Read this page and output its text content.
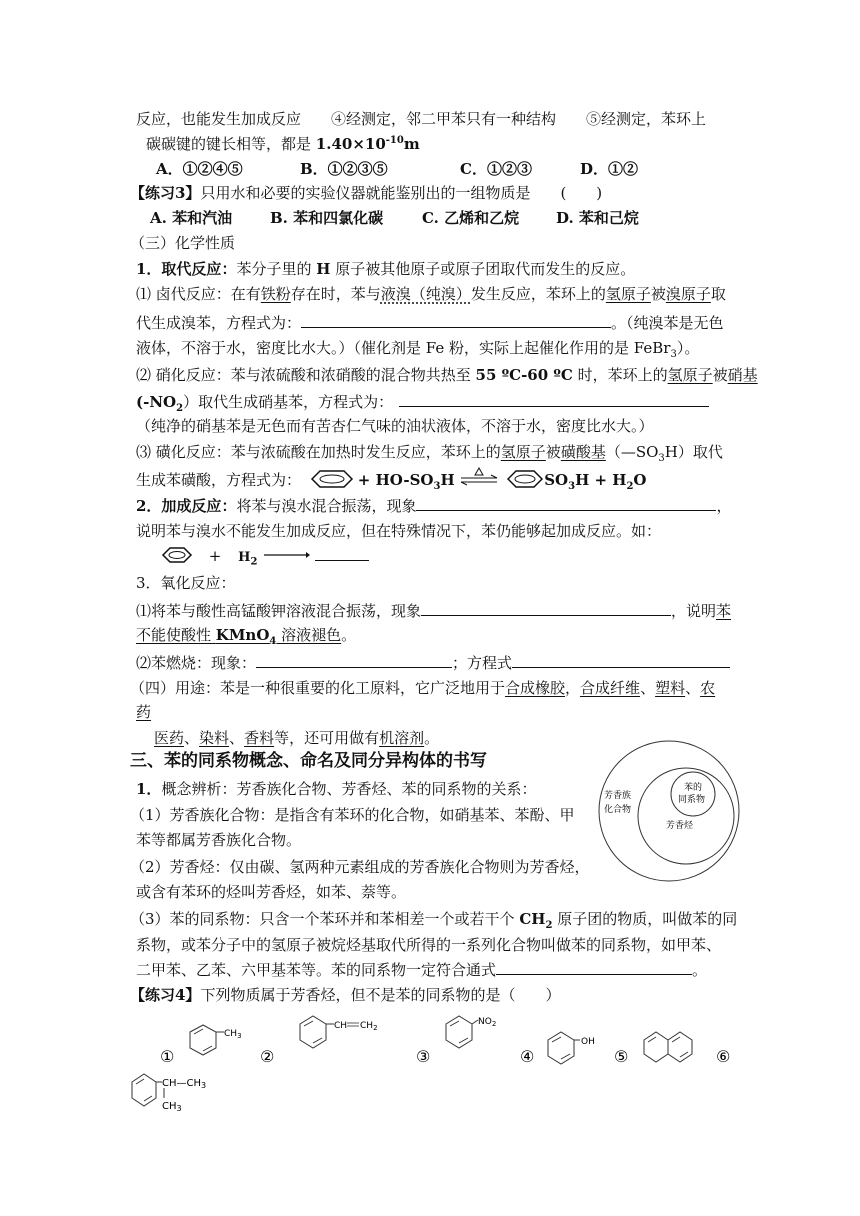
反应，也能发生加成反应　　④经测定，邻二甲苯只有一种结构　　⑤经测定，苯环上
碳碳键的键长相等，都是 $1.40\times 10^{-10}m$
A．①②④⑤	B．①②③⑤	C．①②③	D．①②
【练习3】只用水和必要的实验仪器就能鉴别出的一组物质是　　(　　)
A. 苯和汽油	B. 苯和四氯化碳	C. 乙烯和乙烷 D. 苯和己烷
（三）化学性质
1．取代反应：苯分子里的 H 原子被其他原子或原子团取代而发生的反应。
⑴ 卤代反应：在有铁粉存在时，苯与液溴（纯溴）发生反应，苯环上的氢原子被溴原子取
代生成溴苯，方程式为：	。（纯溴苯是无色
液体，不溶于水，密度比水大。）（催化剂是 Fe 粉，实际上起催化作用的是 FeBr$_3$）。
⑵ 硝化反应：苯与浓硫酸和浓硝酸的混合物共热至 55 ºC-60 ºC 时，苯环上的氢原子被硝基
$(-NO_2)$取代生成硝基苯，方程式为：
（纯净的硝基苯是无色而有苦杏仁气味的油状液体，不溶于水，密度比水大。）
⑶ 磺化反应：苯与浓硫酸在加热时发生反应，苯环上的氢原子被磺酸基$(—SO_3H)$取代
生成苯磺酸，方程式为：	+ $HO-SO_3H$	$SO_3H + H_2O$
2．加成反应：将苯与溴水混合振荡，现象	，
说明苯与溴水不能发生加成反应，但在特殊情况下，苯仍能够起加成反应。如：
+ $H_2$
3．氧化反应：
⑴将苯与酸性高锰酸钾溶液混合振荡，现象	，说明苯
不能使酸性 KMnO$_4$ 溶液褪色。
⑵苯燃烧：现象：	；方程式
（四）用途：苯是一种很重要的化工原料，它广泛地用于合成橡胶，合成纤维、塑料、农
药
医药、染料、香料等，还可用做有机溶剂。
三、苯的同系物概念、命名及同分异构体的书写
1．概念辨析：芳香族化合物、芳香烃、苯的同系物的关系：
（1）芳香族化合物：是指含有苯环的化合物，如硝基苯、苯酚、甲
苯等都属芳香族化合物。
（2）芳香烃：仅由碳、氢两种元素组成的芳香族化合物则为芳香烃，
或含有苯环的烃叫芳香烃，如苯、萘等。
（3）苯的同系物：只含一个苯环并和苯相差一个或若干个 $CH_2$ 原子团的物质，叫做苯的同
系物，或苯分子中的氢原子被烷烃基取代所得的一系列化合物叫做苯的同系物，如甲苯、
二甲苯、乙苯、六甲基苯等。苯的同系物一定符合通式	。
芳香族
化合物
芳香烃
苯的
同系物
【练习4】下列物质属于芳香烃，但不是苯的同系物的是（　　）
$CH_3$
①
CH $CH_2$
②
$NO_2$
③
OH
④	⑤	⑥
$CH—CH_3$
$CH_3$
